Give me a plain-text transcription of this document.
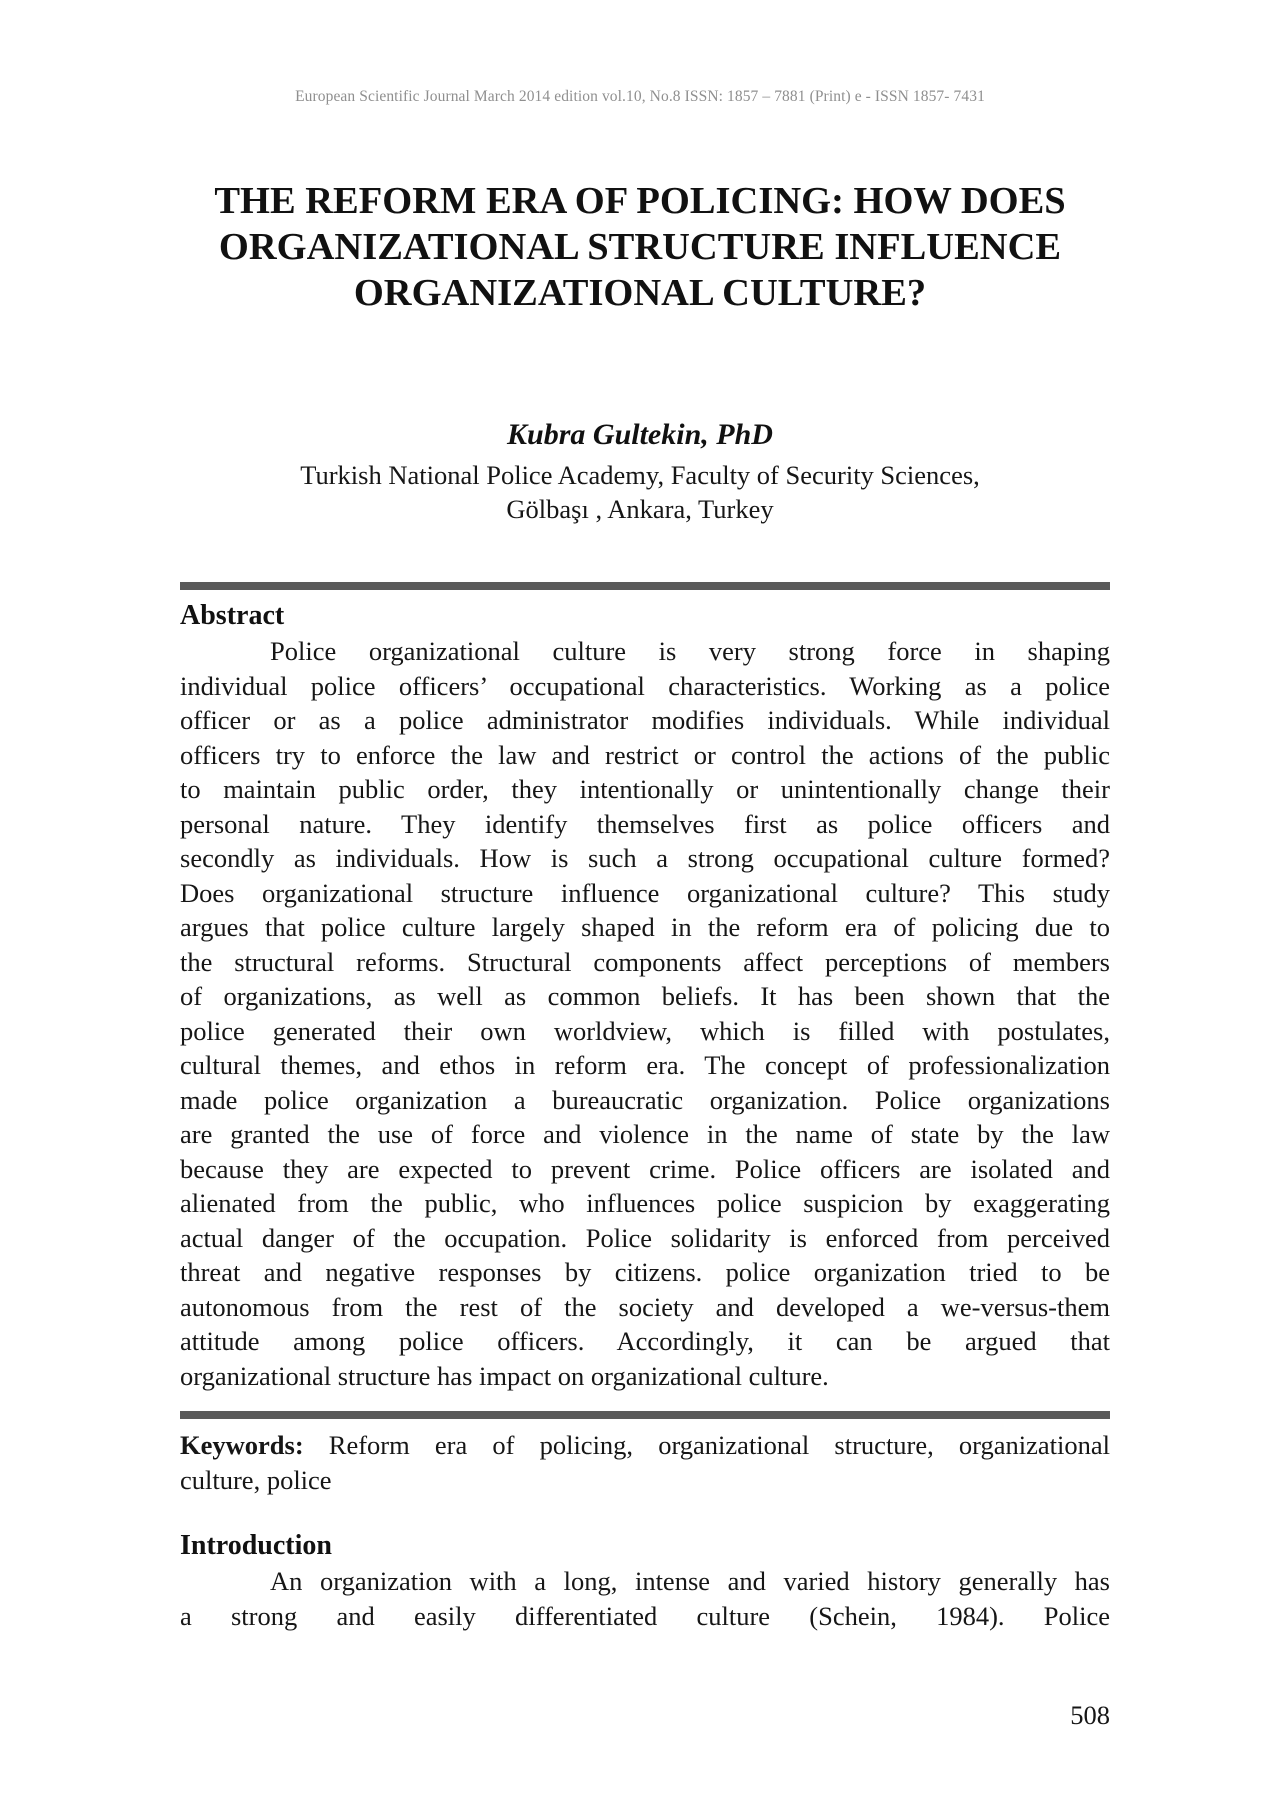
European Scientific Journal March 2014 edition vol.10, No.8 ISSN: 1857 – 7881 (Print) e - ISSN 1857- 7431
THE REFORM ERA OF POLICING: HOW DOES
ORGANIZATIONAL STRUCTURE INFLUENCE
ORGANIZATIONAL CULTURE?
Kubra Gultekin, PhD
Turkish National Police Academy, Faculty of Security Sciences,
Gölbaşı , Ankara, Turkey
Abstract
Police organizational culture is very strong force in shaping
individual police officers’ occupational characteristics. Working as a police
officer or as a police administrator modifies individuals. While individual
officers try to enforce the law and restrict or control the actions of the public
to maintain public order, they intentionally or unintentionally change their
personal nature. They identify themselves first as police officers and
secondly as individuals. How is such a strong occupational culture formed?
Does organizational structure influence organizational culture? This study
argues that police culture largely shaped in the reform era of policing due to
the structural reforms. Structural components affect perceptions of members
of organizations, as well as common beliefs. It has been shown that the
police generated their own worldview, which is filled with postulates,
cultural themes, and ethos in reform era. The concept of professionalization
made police organization a bureaucratic organization. Police organizations
are granted the use of force and violence in the name of state by the law
because they are expected to prevent crime. Police officers are isolated and
alienated from the public, who influences police suspicion by exaggerating
actual danger of the occupation. Police solidarity is enforced from perceived
threat and negative responses by citizens. police organization tried to be
autonomous from the rest of the society and developed a we-versus-them
attitude among police officers. Accordingly, it can be argued that
organizational structure has impact on organizational culture.
Keywords: Reform era of policing, organizational structure, organizational
culture, police
Introduction
An organization with a long, intense and varied history generally has
a strong and easily differentiated culture (Schein, 1984). Police
508
